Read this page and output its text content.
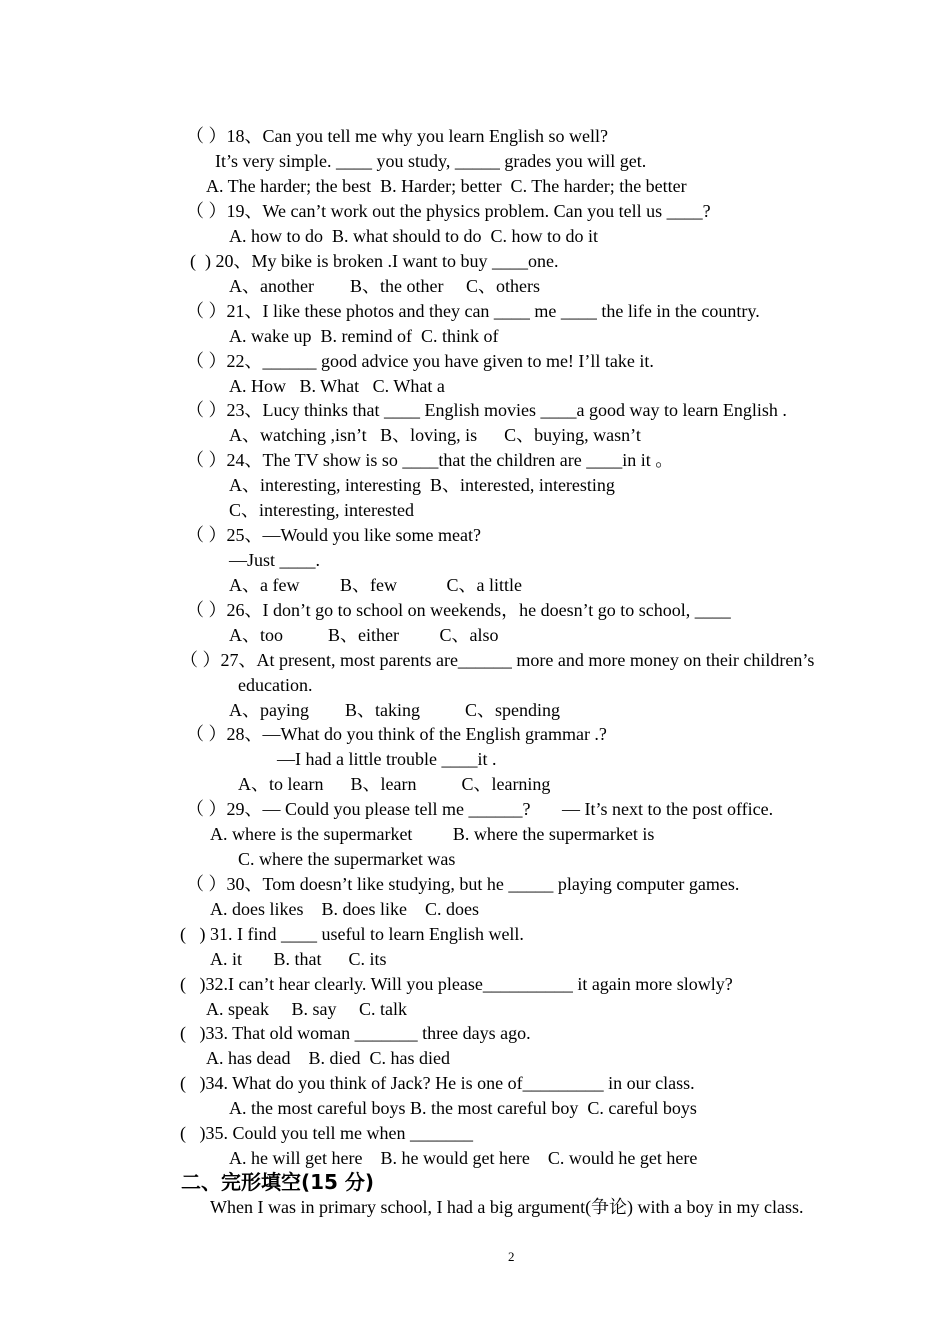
（ ）18、Can you tell me why you learn English so well?
It’s very simple. ____ you study, _____ grades you will get.
A. The harder; the best  B. Harder; better  C. The harder; the better
（ ）19、We can’t work out the physics problem. Can you tell us ____?
A. how to do  B. what should to do  C. how to do it
(  ) 20、My bike is broken .I want to buy ____one.
A、another        B、the other     C、others
（ ）21、I like these photos and they can ____ me ____ the life in the country.
A. wake up  B. remind of  C. think of
（ ）22、______ good advice you have given to me! I’ll take it.
A. How   B. What   C. What a
（ ）23、Lucy thinks that ____ English movies ____a good way to learn English .
A、watching ,isn’t   B、loving, is      C、buying, wasn’t
（ ）24、The TV show is so ____that the children are ____in it 。
A、interesting, interesting  B、interested, interesting
C、interesting, interested
（ ）25、—Would you like some meat?
—Just ____.
A、a few         B、few           C、a little
（ ）26、I don’t go to school on weekends，he doesn’t go to school, ____
A、too          B、either         C、also
（ ）27、At present, most parents are______ more and more money on their children’s
education.
A、paying        B、taking          C、spending
（ ）28、—What do you think of the English grammar .?
—I had a little trouble ____it .
A、to learn      B、learn          C、learning
（ ）29、— Could you please tell me ______?       — It’s next to the post office.
A. where is the supermarket         B. where the supermarket is
C. where the supermarket was
（ ）30、Tom doesn’t like studying, but he _____ playing computer games.
A. does likes    B. does like    C. does
(   ) 31. I find ____ useful to learn English well.
A. it       B. that      C. its
(   )32.I can’t hear clearly. Will you please__________ it again more slowly?
A. speak     B. say     C. talk
(   )33. That old woman _______ three days ago.
A. has dead    B. died  C. has died
(   )34. What do you think of Jack? He is one of_________ in our class.
A. the most careful boys B. the most careful boy  C. careful boys
(   )35. Could you tell me when _______
A. he will get here    B. he would get here    C. would he get here
二、完形填空(15 分)
When I was in primary school, I had a big argument(争论) with a boy in my class.
2
